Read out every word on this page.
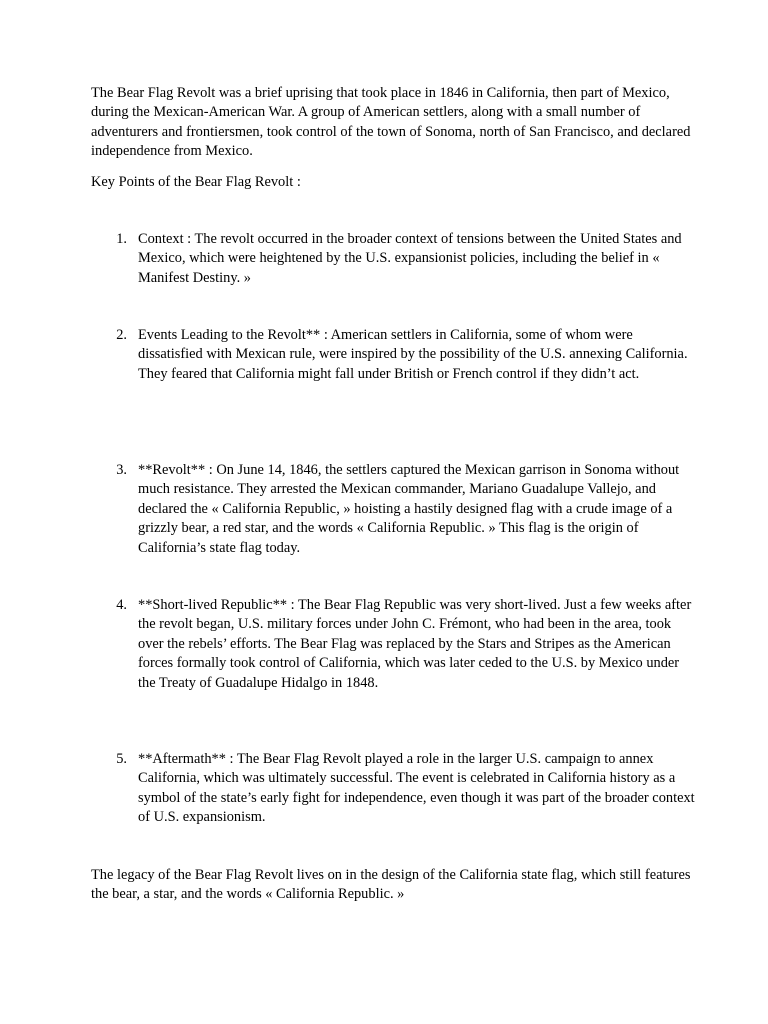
The Bear Flag Revolt was a brief uprising that took place in 1846 in California, then part of Mexico, during the Mexican-American War. A group of American settlers, along with a small number of adventurers and frontiersmen, took control of the town of Sonoma, north of San Francisco, and declared independence from Mexico.

Key Points of the Bear Flag Revolt :

1. Context : The revolt occurred in the broader context of tensions between the United States and Mexico, which were heightened by the U.S. expansionist policies, including the belief in « Manifest Destiny. »

2. Events Leading to the Revolt** : American settlers in California, some of whom were dissatisfied with Mexican rule, were inspired by the possibility of the U.S. annexing California. They feared that California might fall under British or French control if they didn’t act.

3. **Revolt** : On June 14, 1846, the settlers captured the Mexican garrison in Sonoma without much resistance. They arrested the Mexican commander, Mariano Guadalupe Vallejo, and declared the « California Republic, » hoisting a hastily designed flag with a crude image of a grizzly bear, a red star, and the words « California Republic. » This flag is the origin of California’s state flag today.

4. **Short-lived Republic** : The Bear Flag Republic was very short-lived. Just a few weeks after the revolt began, U.S. military forces under John C. Frémont, who had been in the area, took over the rebels’ efforts. The Bear Flag was replaced by the Stars and Stripes as the American forces formally took control of California, which was later ceded to the U.S. by Mexico under the Treaty of Guadalupe Hidalgo in 1848.

5. **Aftermath** : The Bear Flag Revolt played a role in the larger U.S. campaign to annex California, which was ultimately successful. The event is celebrated in California history as a symbol of the state’s early fight for independence, even though it was part of the broader context of U.S. expansionism.

The legacy of the Bear Flag Revolt lives on in the design of the California state flag, which still features the bear, a star, and the words « California Republic. »
